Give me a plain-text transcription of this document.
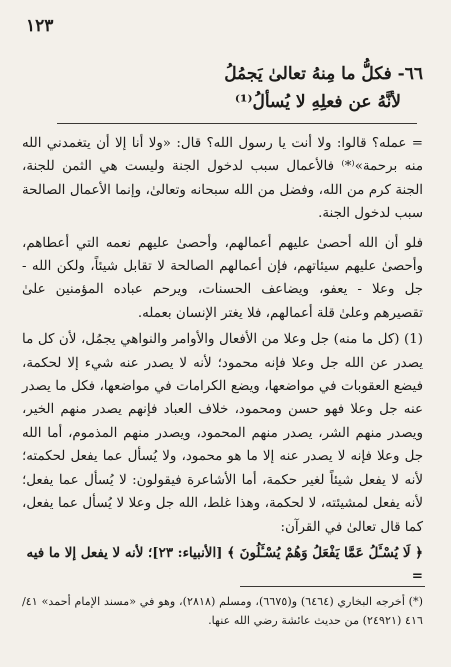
١٢٣
٦٦- فكلُّ ما مِنهُ تعالىٰ يَجمُلُ
لأنَّهُ عن فعلِهِ لا يُسألُ⁽¹⁾

= عمله؟ قالوا: ولا أنت يا رسول الله؟ قال: «ولا أنا إلا أن يتغمدني الله منه برحمة»⁽*⁾ فالأعمال سبب لدخول الجنة وليست هي الثمن للجنة، الجنة كرم من الله، وفضل من الله سبحانه وتعالىٰ، وإنما الأعمال الصالحة سبب لدخول الجنة.

فلو أن الله أحصىٰ عليهم أعمالهم، وأحصىٰ عليهم نعمه التي أعطاهم، وأحصىٰ عليهم سيئاتهم، فإن أعمالهم الصالحة لا تقابل شيئاً، ولكن الله - جل وعلا - يعفو، ويضاعف الحسنات، ويرحم عباده المؤمنين علىٰ تقصيرهم وعلىٰ قلة أعمالهم، فلا يغتر الإنسان بعمله.

(1) (كل ما منه) جل وعلا من الأفعال والأوامر والنواهي يجمُل، لأن كل ما يصدر عن الله جل وعلا فإنه محمود؛ لأنه لا يصدر عنه شيء إلا لحكمة، فيضع العقوبات في مواضعها، ويضع الكرامات في مواضعها، فكل ما يصدر عنه جل وعلا فهو حسن ومحمود، خلاف العباد فإنهم يصدر منهم الخير، ويصدر منهم الشر، يصدر منهم المحمود، ويصدر منهم المذموم، أما الله جل وعلا فإنه لا يصدر عنه إلا ما هو محمود، ولا يُسأل عما يفعل لحكمته؛ لأنه لا يفعل شيئاً لغير حكمة، أما الأشاعرة فيقولون: لا يُسأل عما يفعل؛ لأنه يفعل لمشيئته، لا لحكمة، وهذا غلط، الله جل وعلا لا يُسأل عما يفعل، كما قال تعالىٰ في القرآن:

﴿ لَا يُسْـَٔلُ عَمَّا يَفْعَلُ وَهُمْ يُسْـَٔلُونَ ﴾ [الأنبياء: ٢٣]؛ لأنه لا يفعل إلا ما فيه =
(*) أخرجه البخاري (٦٤٦٤) و(٦٦٧٥)، ومسلم (٢٨١٨)، وهو في «مسند الإمام أحمد» ٤١/ ٤١٦ (٢٤٩٢١) من حديث عائشة رضي الله عنها.
